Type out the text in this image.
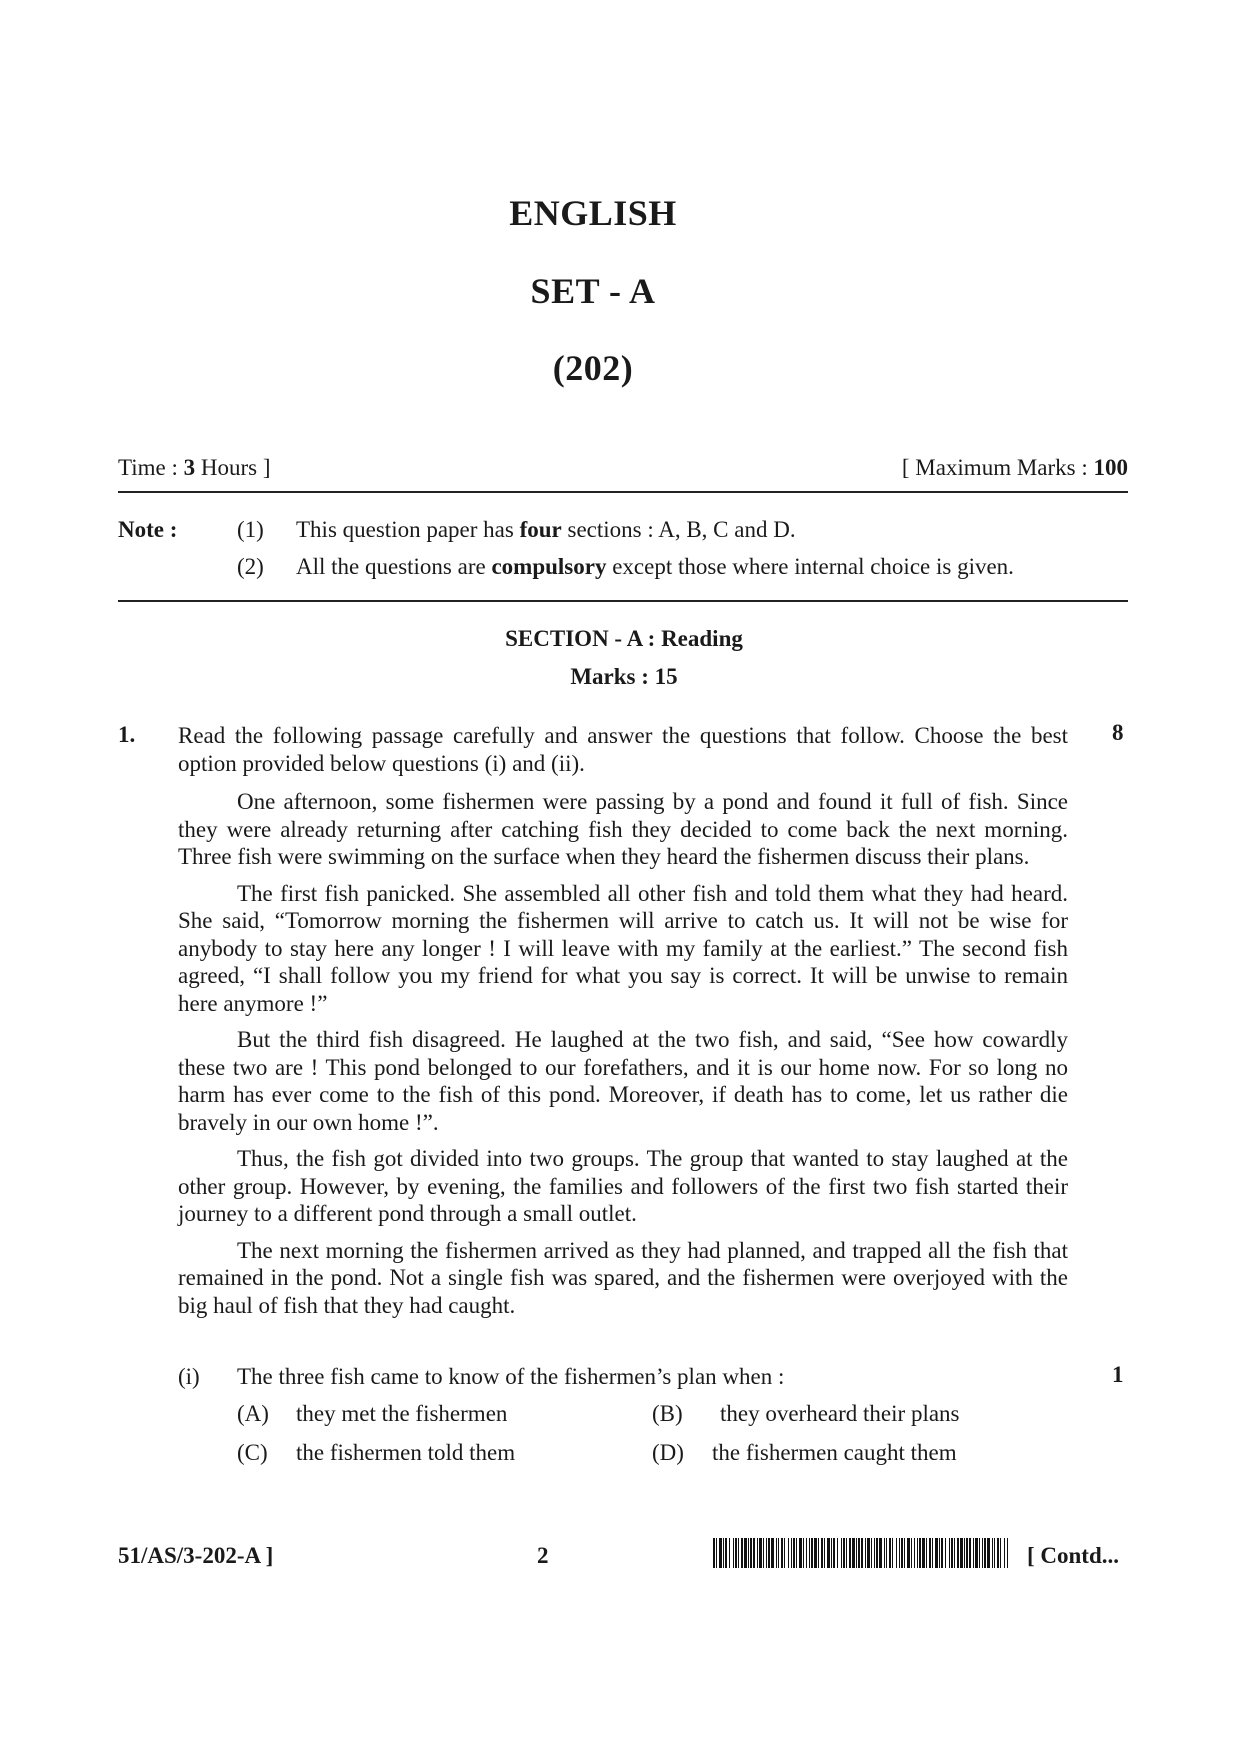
ENGLISH
SET - A
(202)
Time : 3 Hours ]	[ Maximum Marks : 100
Note :	(1) This question paper has four sections : A, B, C and D.
(2) All the questions are compulsory except those where internal choice is given.
SECTION - A : Reading
Marks : 15
1.	8
Read the following passage carefully and answer the questions that follow. Choose the best option provided below questions (i) and (ii).

One afternoon, some fishermen were passing by a pond and found it full of fish. Since they were already returning after catching fish they decided to come back the next morning. Three fish were swimming on the surface when they heard the fishermen discuss their plans.

The first fish panicked. She assembled all other fish and told them what they had heard. She said, “Tomorrow morning the fishermen will arrive to catch us. It will not be wise for anybody to stay here any longer ! I will leave with my family at the earliest.” The second fish agreed, “I shall follow you my friend for what you say is correct. It will be unwise to remain here anymore !”

But the third fish disagreed. He laughed at the two fish, and said, “See how cowardly these two are ! This pond belonged to our forefathers, and it is our home now. For so long no harm has ever come to the fish of this pond. Moreover, if death has to come, let us rather die bravely in our own home !”.

Thus, the fish got divided into two groups. The group that wanted to stay laughed at the other group. However, by evening, the families and followers of the first two fish started their journey to a different pond through a small outlet.

The next morning the fishermen arrived as they had planned, and trapped all the fish that remained in the pond. Not a single fish was spared, and the fishermen were overjoyed with the big haul of fish that they had caught.

(i) The three fish came to know of the fishermen’s plan when :	1
(A) they met the fishermen	(B) they overheard their plans
(C) the fishermen told them	(D) the fishermen caught them
51/AS/3-202-A ]	2	[ Contd...
